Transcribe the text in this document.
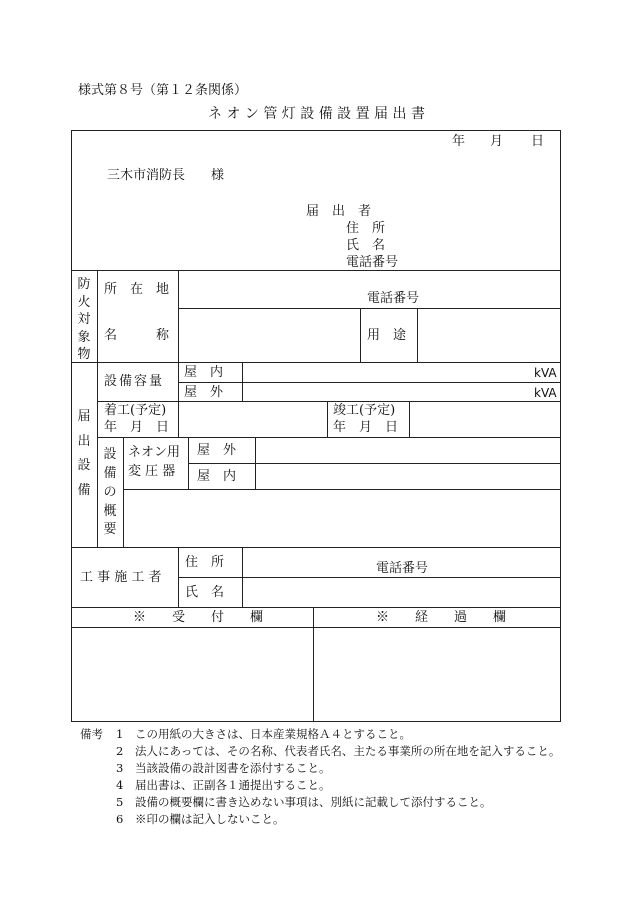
様式第８号（第１２条関係）
ネ オ ン 管 灯 設 備 設 置 届 出 書
年 月 日
三木市消防長　　様
届　出　者
住　所
氏　名
電話番号
防
火
対
象
物
所　在　地
電話番号
名　　　称	用　途
届
出
設
備
設備容量
屋　内
屋　外
kVA
kVA
着工(予定)
年　月　日
竣工(予定)
年　月　日
設
備
の
概
要
ネオン用
変 圧 器
屋　外
屋　内
工 事 施 工 者
住　所
氏　名
電話番号
※　　受　　付　　欄	※　　経　　過　　欄
備考 1 この用紙の大きさは、日本産業規格Ａ４とすること。
2 法人にあっては、その名称、代表者氏名、主たる事業所の所在地を記入すること。
3 当該設備の設計図書を添付すること。
4 届出書は、正副各１通提出すること。
5 設備の概要欄に書き込めない事項は、別紙に記載して添付すること。
6 ※印の欄は記入しないこと。
